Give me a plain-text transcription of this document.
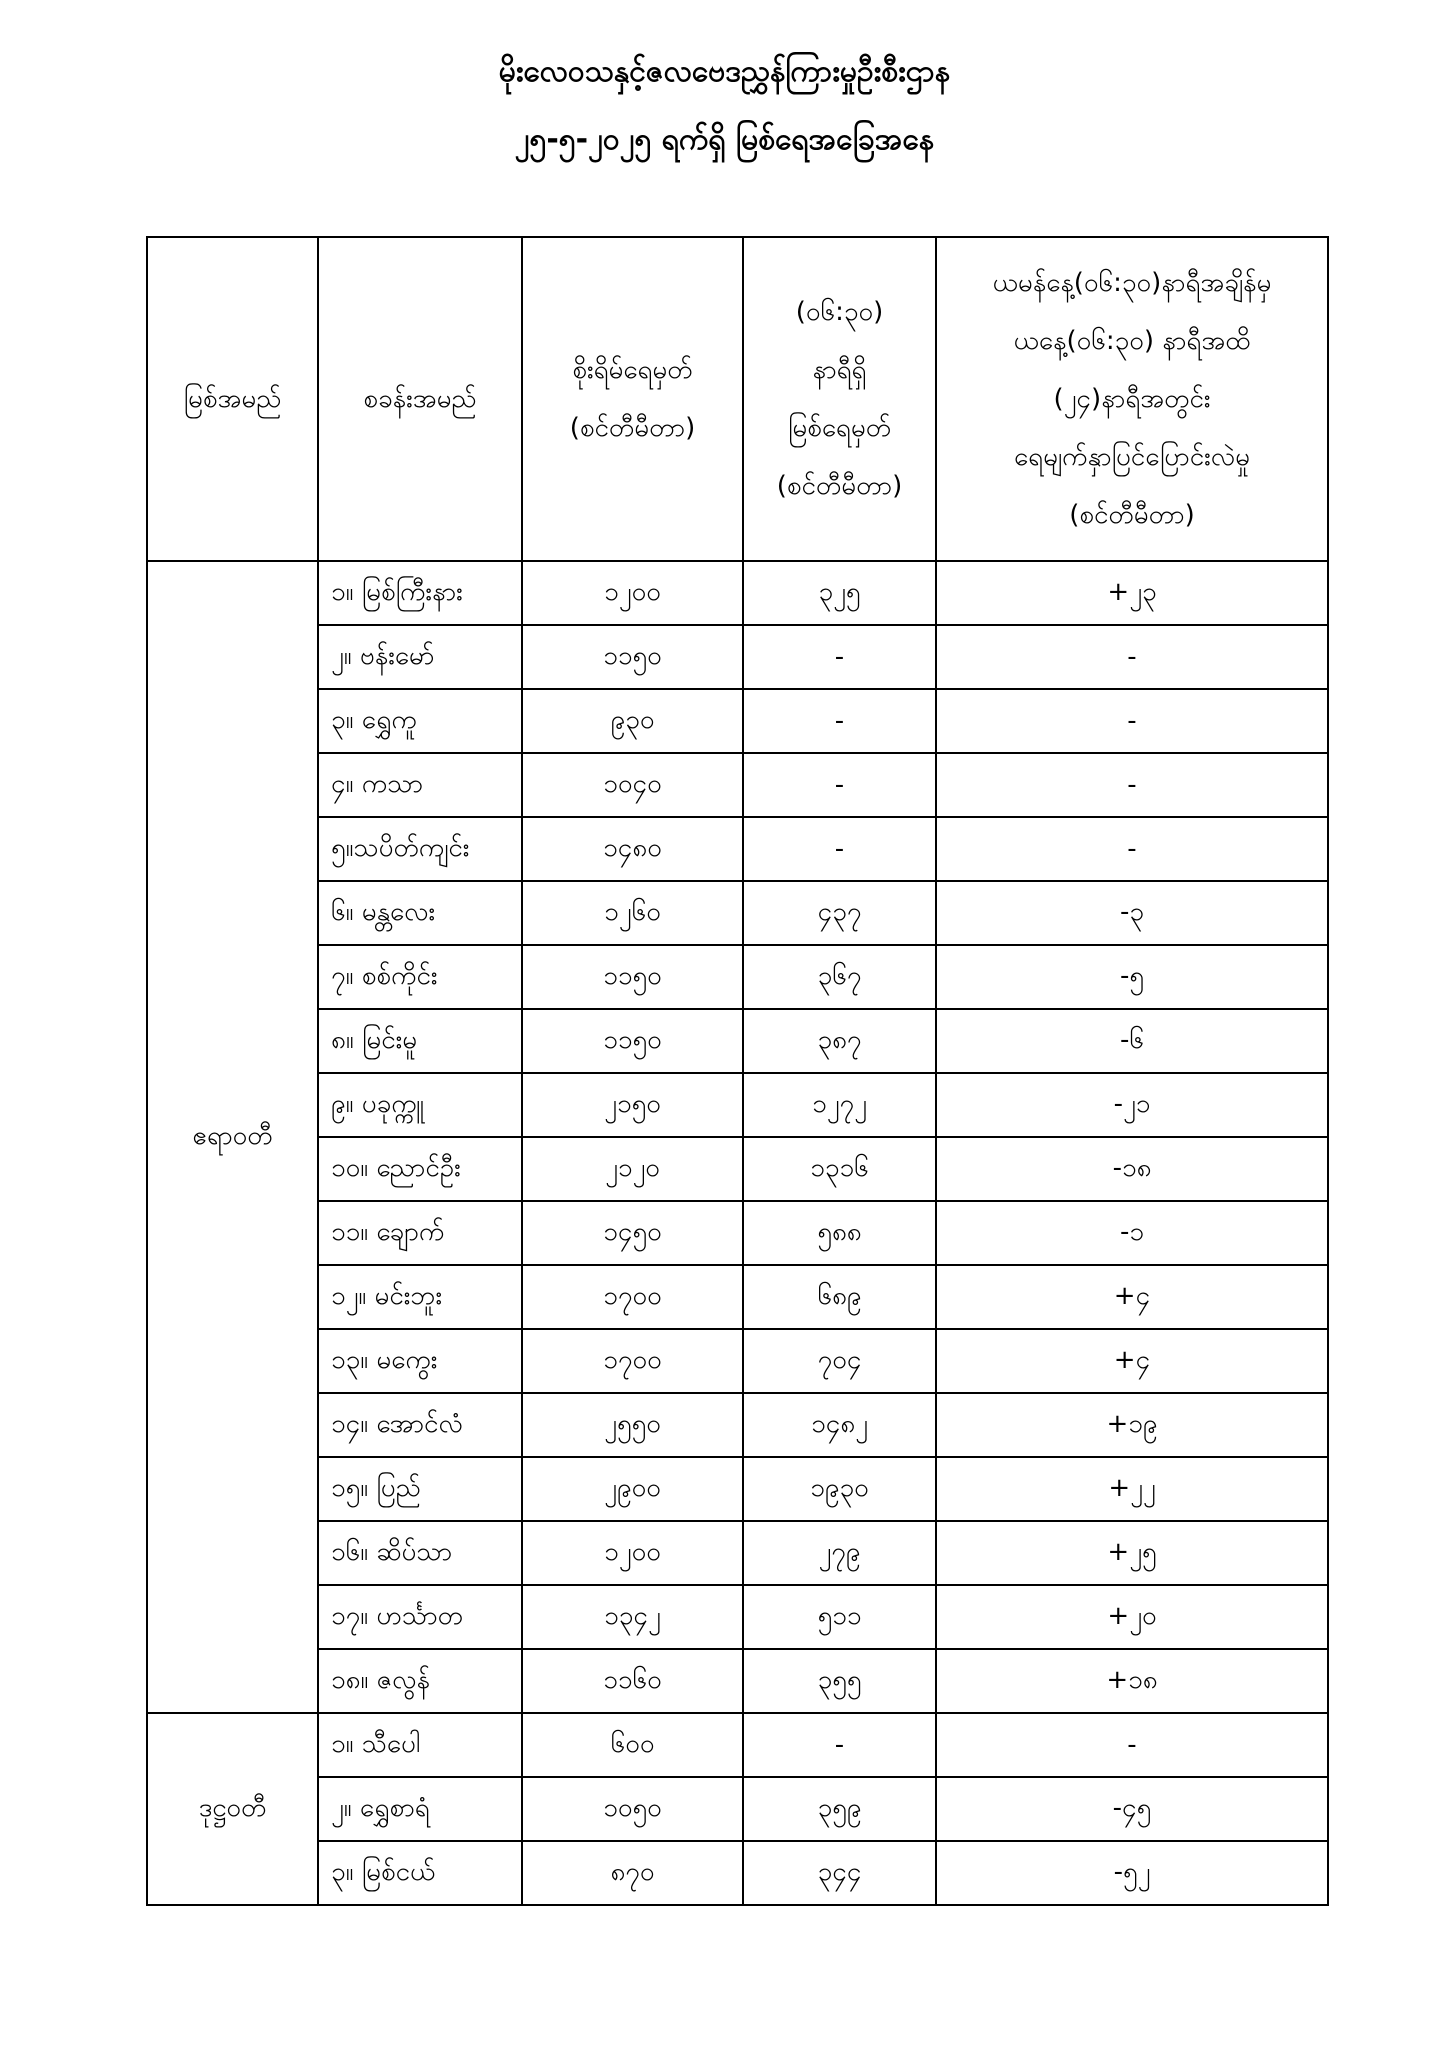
မိုးလေဝသနှင့်ဇလဗေဒညွှန်ကြားမှုဦးစီးဌာန
၂၅-၅-၂၀၂၅ ရက်ရှိ မြစ်ရေအခြေအနေ
မြစ်အမည်	စခန်းအမည်	စိုးရိမ်ရေမှတ်
(စင်တီမီတာ)	(၀၆:၃၀)
နာရီရှိ
မြစ်ရေမှတ်
(စင်တီမီတာ)	ယမန်နေ့(၀၆:၃၀)နာရီအချိန်မှ
ယနေ့(၀၆:၃၀) နာရီအထိ
(၂၄)နာရီအတွင်း
ရေမျက်နှာပြင်ပြောင်းလဲမှု
(စင်တီမီတာ)

ဧရာဝတီ	၁။ မြစ်ကြီးနား	၁၂၀၀	၃၂၅	+၂၃
	၂။ ဗန်းမော်	၁၁၅၀	-	-
	၃။ ရွှေကူ	၉၃၀	-	-
	၄။ ကသာ	၁၀၄၀	-	-
	၅။သပိတ်ကျင်း	၁၄၈၀	-	-
	၆။ မန္တလေး	၁၂၆၀	၄၃၇	-၃
	၇။ စစ်ကိုင်း	၁၁၅၀	၃၆၇	-၅
	၈။ မြင်းမူ	၁၁၅၀	၃၈၇	-၆
	၉။ ပခုက္ကူ	၂၁၅၀	၁၂၇၂	-၂၁
	၁၀။ ညောင်ဦး	၂၁၂၀	၁၃၁၆	-၁၈
	၁၁။ ချောက်	၁၄၅၀	၅၈၈	-၁
	၁၂။ မင်းဘူး	၁၇၀၀	၆၈၉	+၄
	၁၃။ မကွေး	၁၇၀၀	၇၀၄	+၄
	၁၄။ အောင်လံ	၂၅၅၀	၁၄၈၂	+၁၉
	၁၅။ ပြည်	၂၉၀၀	၁၉၃၀	+၂၂
	၁၆။ ဆိပ်သာ	၁၂၀၀	၂၇၉	+၂၅
	၁၇။ ဟင်္သာတ	၁၃၄၂	၅၁၁	+၂၀
	၁၈။ ဇလွန်	၁၁၆၀	၃၅၅	+၁၈
ဒုဋ္ဌဝတီ	၁။ သီပေါ	၆၀၀	-	-
	၂။ ရွှေစာရံ	၁၀၅၀	၃၅၉	-၄၅
	၃။ မြစ်ငယ်	၈၇၀	၃၄၄	-၅၂
